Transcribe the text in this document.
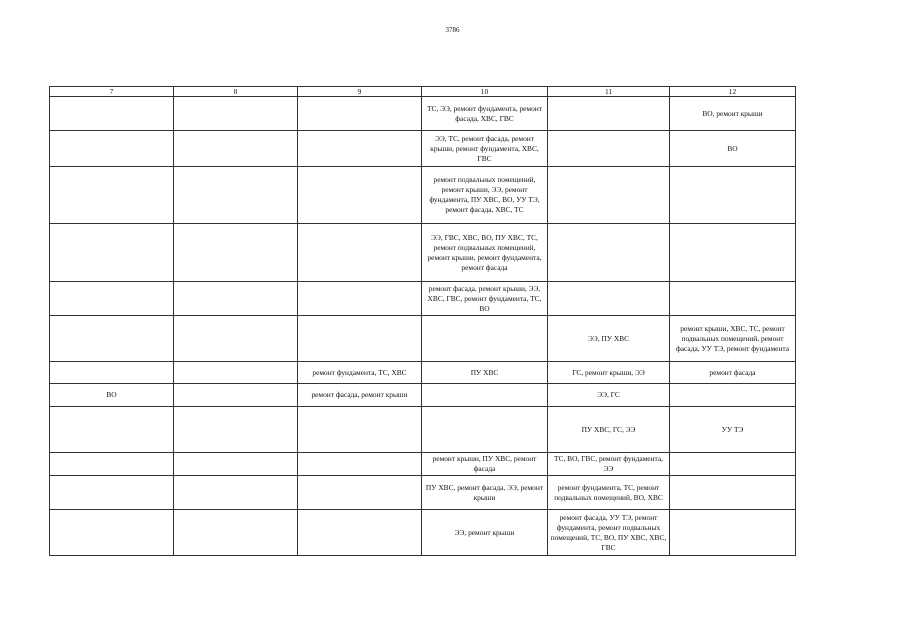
3786
7	8	9	10	11	12
			ТС, ЭЭ, ремонт фундамента, ремонт фасада, ХВС, ГВС		ВО, ремонт крыши
			ЭЭ, ТС, ремонт фасада, ремонт крыши, ремонт фундамента, ХВС, ГВС		ВО
			ремонт подвальных помещений, ремонт крыши, ЭЭ, ремонт фундамента, ПУ ХВС, ВО, УУ ТЭ, ремонт фасада, ХВС, ТС		
			ЭЭ, ГВС, ХВС, ВО, ПУ ХВС, ТС, ремонт подвальных помещений, ремонт крыши, ремонт фундамента, ремонт фасада		
			ремонт фасада, ремонт крыши, ЭЭ, ХВС, ГВС, ремонт фундамента, ТС, ВО		
				ЭЭ, ПУ ХВС	ремонт крыши, ХВС, ТС, ремонт подвальных помещений, ремонт фасада, УУ ТЭ, ремонт фундамента
		ремонт фундамента, ТС, ХВС	ПУ ХВС	ГС, ремонт крыши, ЭЭ	ремонт фасада
ВО		ремонт фасада, ремонт крыши		ЭЭ, ГС	
				ПУ ХВС, ГС, ЭЭ	УУ ТЭ
			ремонт крыши, ПУ ХВС, ремонт фасада	ТС, ВО, ГВС, ремонт фундамента, ЭЭ	
			ПУ ХВС, ремонт фасада, ЭЭ, ремонт крыши	ремонт фундамента, ТС, ремонт подвальных помещений, ВО, ХВС	
			ЭЭ, ремонт крыши	ремонт фасада, УУ ТЭ, ремонт фундамента, ремонт подвальных помещений, ТС, ВО, ПУ ХВС, ХВС, ГВС	
